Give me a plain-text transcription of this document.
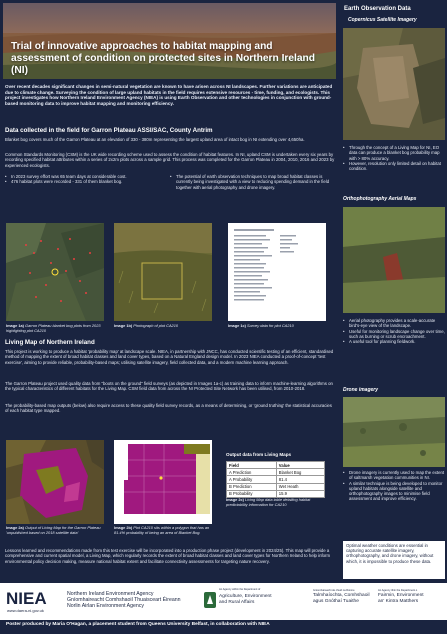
Trial of innovative approaches to habitat mapping and assessment of condition on protected sites in Northern Ireland (NI)
Over recent decades significant changes in semi-natural vegetation are known to have arisen across NI landscapes. Further variations are anticipated due to climate change. Surveying the condition of large upland habitats in the field requires extensive resources - time, funding, and ecologists. This project investigates how Northern Ireland Environment Agency (NIEA) is using Earth Observation and other technologies in conjunction with ground-based monitoring data to improve habitat mapping and monitoring efficiency.
Data collected in the field for Garron Plateau ASSI/SAC, County Antrim
Blanket bog covers much of the Garron Plateau at an elevation of 330 - 380m representing the largest upland area of intact bog in NI extending over 4,650ha.
Common Standards Monitoring (CSM) is the UK wide recording scheme used to assess the condition of habitat features. In NI, upland CSM is undertaken every six years by recording specified habitat attributes within a series of 2x2m plots across a sample grid. This process was completed for the Garron Plateau in 2004, 2010, 2016 and 2023 by experienced ecologists.
• In 2023 survey effort was 65 team days at considerable cost.
• 476 habitat plots were recorded - 331 of them blanket bog.
• The potential of earth observation techniques to map broad habitat classes is currently being investigated with a view to reducing spending demand in the field together with aerial photography and drone imagery.
Image 1a) Garron Plateau blanket bog plots from 2023 highlighting plot CA210
Image 1b) Photograph of plot CA210	Image 1c) Survey data for plot CA210
Living Map of Northern Ireland
This project is working to produce a habitat 'probability map' at landscape scale. NIEA, in partnership with JNCC, has conducted scientific testing of an efficient, standardised method of mapping the extent of broad habitat classes and land cover types, based on a Natural England design model. In 2023 NIEA conducted a proof-of-concept 'test exercise', aiming to provide reliable, probability-based maps; utilising satellite imagery, field collected data, and a modern machine learning approach.
The Garron Plateau project used quality data from "boots on the ground" field surveys (as depicted in Images 1a-c) as training data to inform machine-learning algorithms on the typical characteristics of different habitats for the Living Map. CSM field data from across the NI Protected Site Network has been utilised, from 2010-2018.
The probability-based map outputs (below) also require access to these quality field survey records, as a means of determining, or 'ground truthing' the statistical accuracies of each habitat type mapped.
Output data from Living Maps
Field	Value
A Prediction	Blanket Bog
A Probability	81.4
B Prediction	Wet Heath
B Probability	15.9
Image 2a) Output of Living Map for the Garron Plateau 'unpublished based on 2018 satellite data'
Image 2b) Plot CA210 sits within a polygon that has an 81.4% probability of being an area of Blanket Bog.
Image 2c) Living Map data table detailing habitat predictability information for CA210
Lessons learned and recommendations made from this test exercise will be incorporated into a production phase project (development in 2024/25). This map will provide a comprehensive and current spatial model, a Living Map, which regularly records the extent of broad habitat classes and land cover types for Northern Ireland to help inform environmental policy decision making, measure national habitat extent and facilitate connectivity assessments for targeting nature recovery.
Earth Observation Data
Copernicus Satellite Imagery
• Through the concept of a Living Map for NI, EO data can produce a blanket bog probability map with > 80% accuracy.
• However, resolution only limited detail on habitat condition.
Orthophotography Aerial Maps
• Aerial photography provides a scale-accurate bird's-eye view of the landscape.
• Useful for monitoring landscape change over time, such as burning or scrub encroachment.
• A useful tool for planning fieldwork.
Drone imagery
• Drone imagery is currently used to map the extent of saltmarsh vegetation communities in NI.
• A similar technique is being developed to monitor upland habitats alongside satellite and orthophotography images to minimise field assessment and improve efficiency.
Optimal weather conditions are essential in capturing accurate satellite imagery, orthophotography, and drone imagery, without which, it is impossible to produce these data.
NIEA
www.daera-ni.gov.uk
Northern Ireland Environment Agency
Gníomhaireacht Comhshaoil Thuaisceart Éireann
Norlin Airlan Environment Agency
An Agency within the Department of
Agriculture, Environment
and Rural Affairs
Gníomhaireacht de chuid na Roinne
Talmhaíochta, Comhshaoil
agus Gnóthaí Tuaithe
An Agency ithin the Depairtment o
Fairmin, Environment
an' Kintra Matthers
Poster produced by Maria O'Hagan, a placement student from Queens University Belfast, in collaboration with NIEA
